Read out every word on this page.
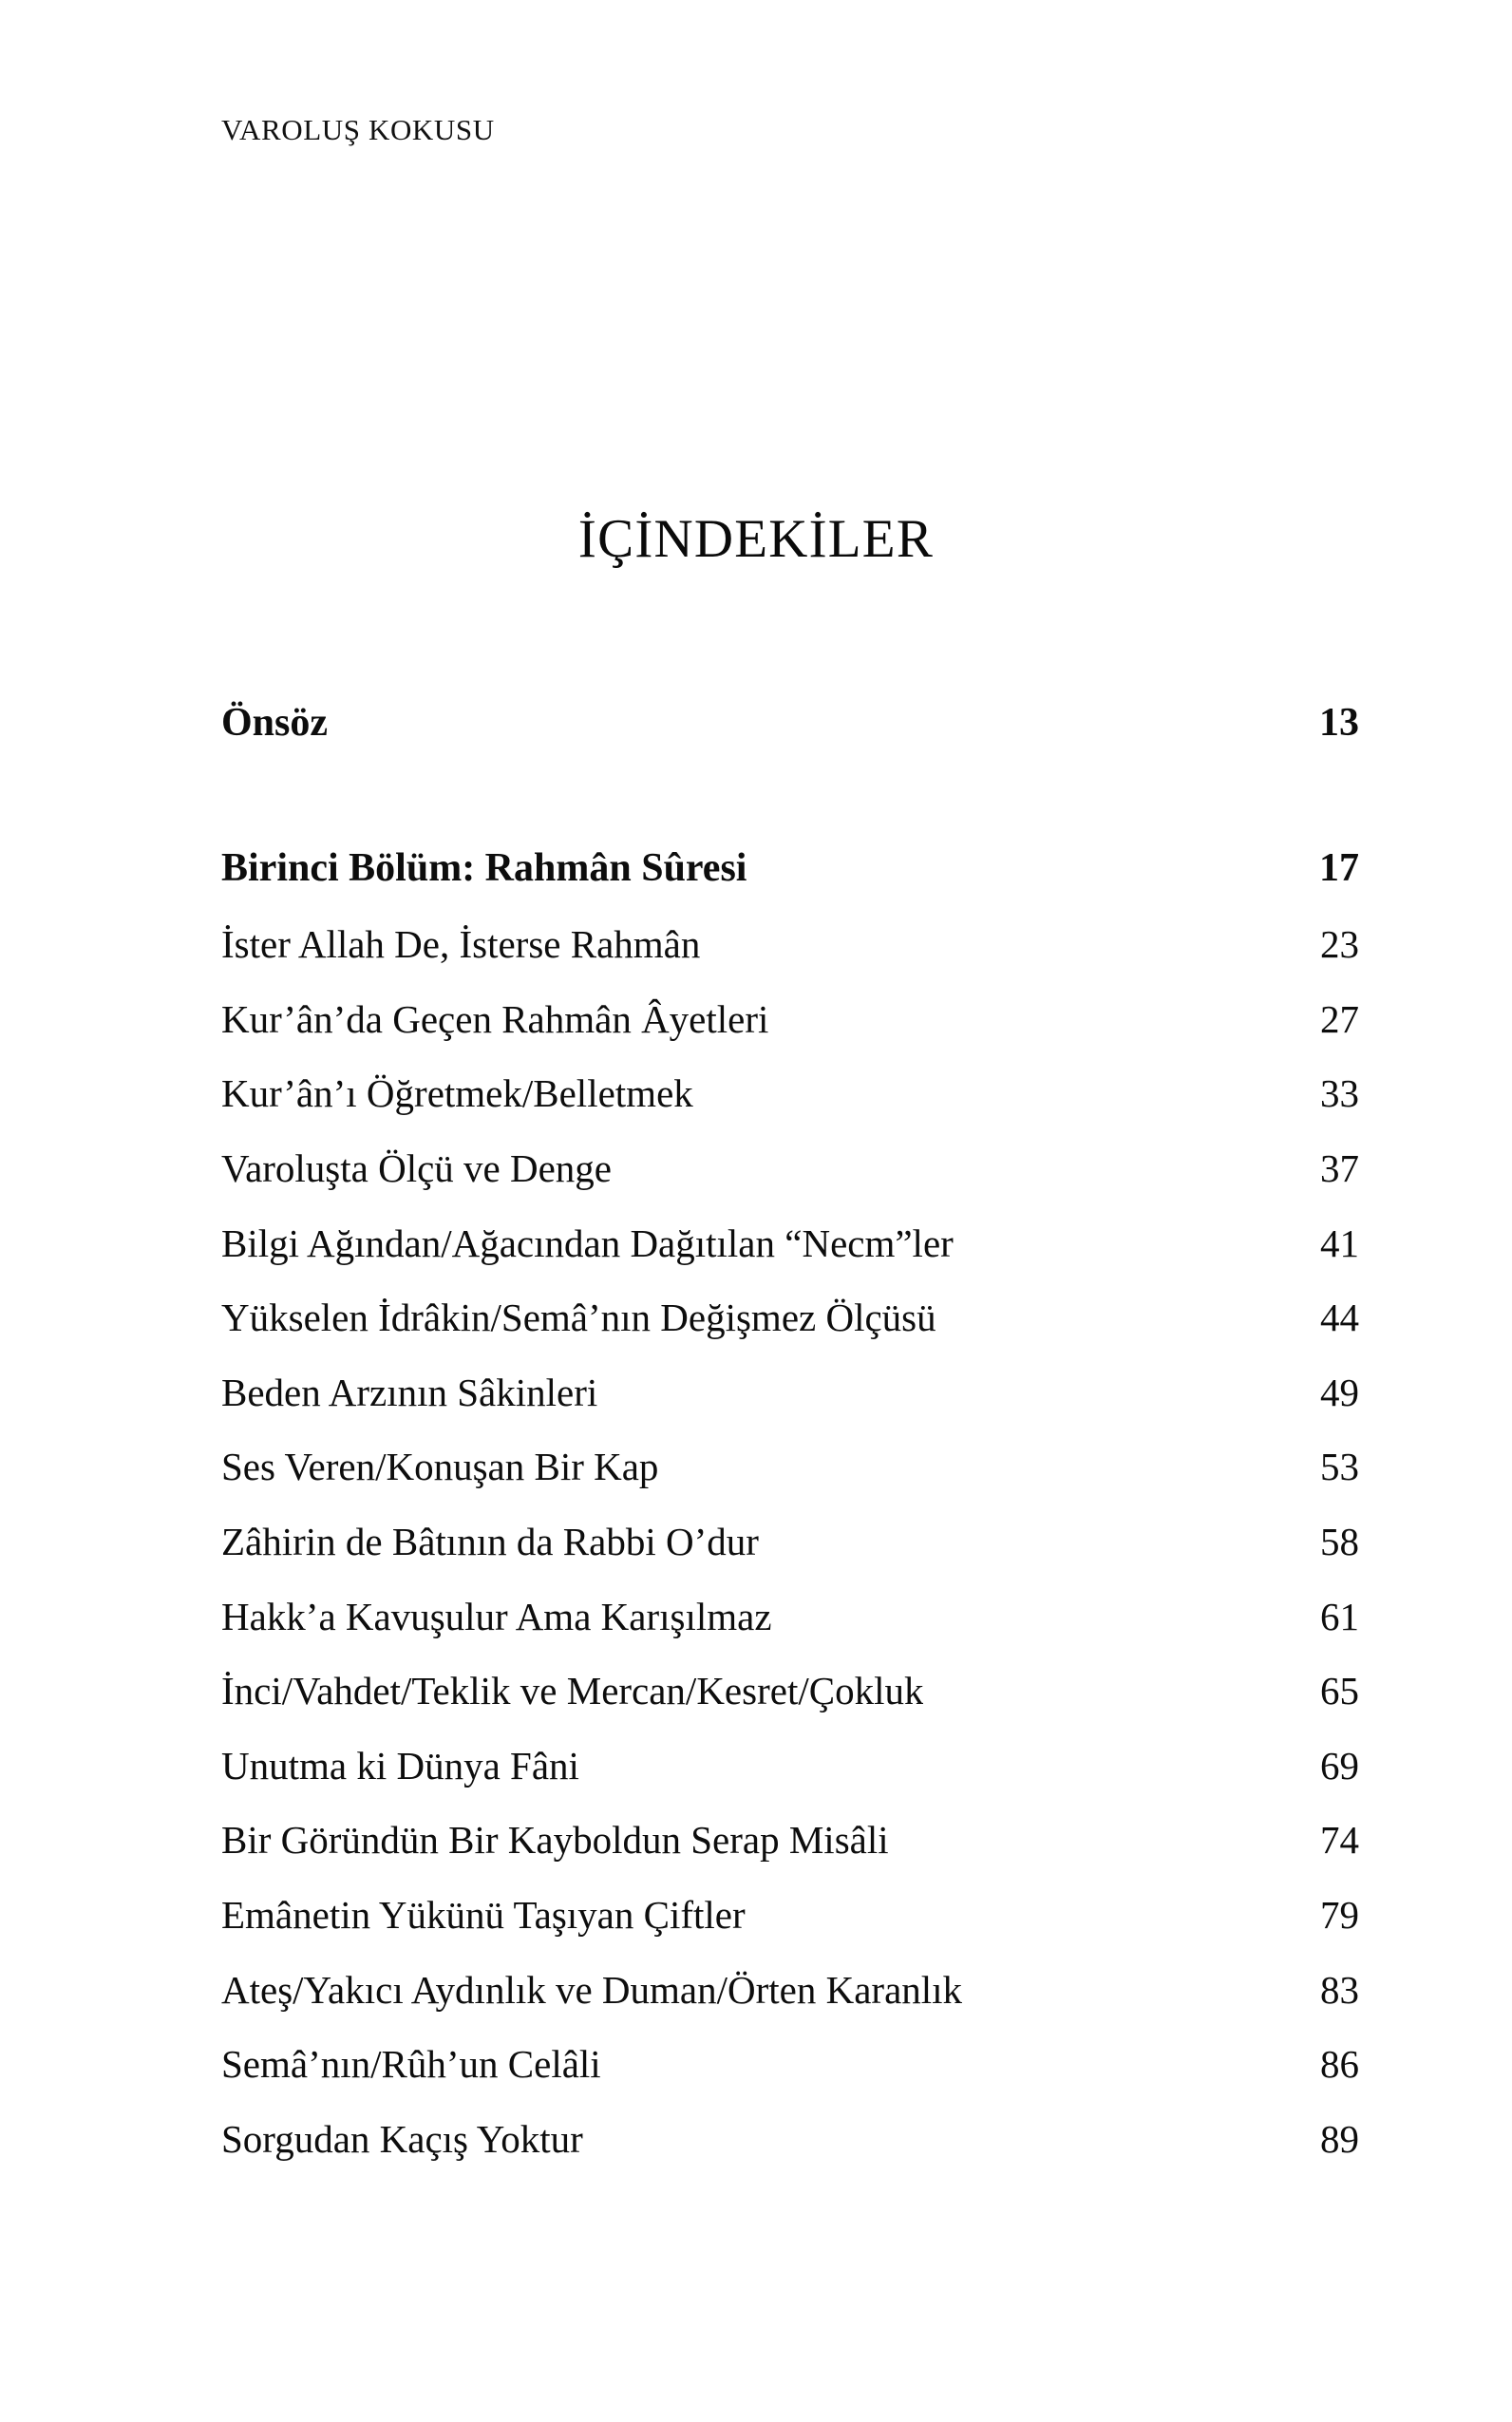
VAROLUŞ KOKUSU
İÇİNDEKİLER
Önsöz .....	13
Birinci Bölüm: Rahmân Sûresi .....	17
İster Allah De, İsterse Rahmân .....	23
Kur’ân’da Geçen Rahmân Âyetleri .....	27
Kur’ân’ı Öğretmek/Belletmek .....	33
Varoluşta Ölçü ve Denge .....	37
Bilgi Ağından/Ağacından Dağıtılan “Necm”ler .....	41
Yükselen İdrâkin/Semâ’nın Değişmez Ölçüsü .....	44
Beden Arzının Sâkinleri .....	49
Ses Veren/Konuşan Bir Kap .....	53
Zâhirin de Bâtının da Rabbi O’dur .....	58
Hakk’a Kavuşulur Ama Karışılmaz .....	61
İnci/Vahdet/Teklik ve Mercan/Kesret/Çokluk .....	65
Unutma ki Dünya Fâni .....	69
Bir Göründün Bir Kayboldun Serap Misâli .....	74
Emânetin Yükünü Taşıyan Çiftler .....	79
Ateş/Yakıcı Aydınlık ve Duman/Örten Karanlık .....	83
Semâ’nın/Rûh’un Celâli .....	86
Sorgudan Kaçış Yoktur .....	89
